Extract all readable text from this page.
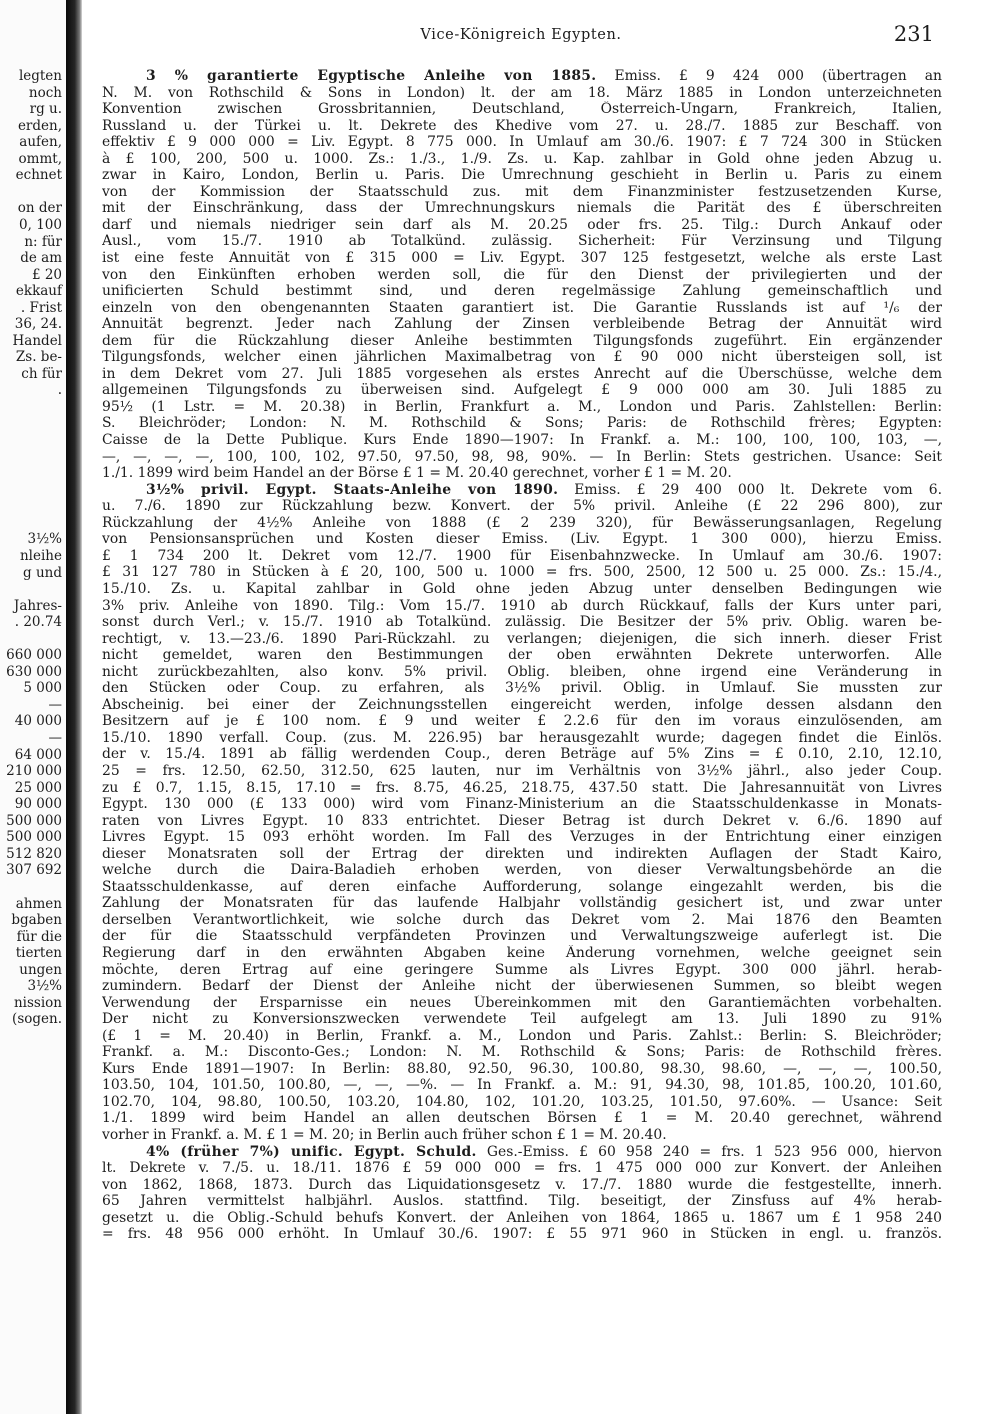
legten
noch
rg u.
erden,
aufen,
ommt,
echnet
on der
0, 100
n: für
de am
£ 20
ekkauf
. Frist
36, 24.
Handel
Zs. be-
ch für
.
3½%
nleihe
g und
Jahres-
. 20.74
660 000
630 000
5 000
—
40 000
—
64 000
210 000
25 000
90 000
500 000
500 000
512 820
307 692
ahmen
bgaben
für die
tierten
ungen
3½%
nission
(sogen.
Vice-Königreich Egypten.	231
3 % garantierte Egyptische Anleihe von 1885. Emiss. £ 9 424 000 (übertragen an
N. M. von Rothschild & Sons in London) lt. der am 18. März 1885 in London unterzeichneten
Konvention zwischen Grossbritannien, Deutschland, Österreich-Ungarn, Frankreich, Italien,
Russland u. der Türkei u. lt. Dekrete des Khedive vom 27. u. 28./7. 1885 zur Beschaff. von
effektiv £ 9 000 000 = Liv. Egypt. 8 775 000. In Umlauf am 30./6. 1907: £ 7 724 300 in Stücken
à £ 100, 200, 500 u. 1000. Zs.: 1./3., 1./9. Zs. u. Kap. zahlbar in Gold ohne jeden Abzug u.
zwar in Kairo, London, Berlin u. Paris. Die Umrechnung geschieht in Berlin u. Paris zu einem
von der Kommission der Staatsschuld zus. mit dem Finanzminister festzusetzenden Kurse,
mit der Einschränkung, dass der Umrechnungskurs niemals die Parität des £ überschreiten
darf und niemals niedriger sein darf als M. 20.25 oder frs. 25. Tilg.: Durch Ankauf oder
Ausl., vom 15./7. 1910 ab Totalkünd. zulässig. Sicherheit: Für Verzinsung und Tilgung
ist eine feste Annuität von £ 315 000 = Liv. Egypt. 307 125 festgesetzt, welche als erste Last
von den Einkünften erhoben werden soll, die für den Dienst der privilegierten und der
unificierten Schuld bestimmt sind, und deren regelmässige Zahlung gemeinschaftlich und
einzeln von den obengenannten Staaten garantiert ist. Die Garantie Russlands ist auf ¹/₆ der
Annuität begrenzt. Jeder nach Zahlung der Zinsen verbleibende Betrag der Annuität wird
dem für die Rückzahlung dieser Anleihe bestimmten Tilgungsfonds zugeführt. Ein ergänzender
Tilgungsfonds, welcher einen jährlichen Maximalbetrag von £ 90 000 nicht übersteigen soll, ist
in dem Dekret vom 27. Juli 1885 vorgesehen als erstes Anrecht auf die Überschüsse, welche dem
allgemeinen Tilgungsfonds zu überweisen sind. Aufgelegt £ 9 000 000 am 30. Juli 1885 zu
95½ (1 Lstr. = M. 20.38) in Berlin, Frankfurt a. M., London und Paris. Zahlstellen: Berlin:
S. Bleichröder; London: N. M. Rothschild & Sons; Paris: de Rothschild frères; Egypten:
Caisse de la Dette Publique. Kurs Ende 1890—1907: In Frankf. a. M.: 100, 100, 100, 103, —,
—, —, —, —, 100, 100, 102, 97.50, 97.50, 98, 98, 90%. — In Berlin: Stets gestrichen. Usance: Seit
1./1. 1899 wird beim Handel an der Börse £ 1 = M. 20.40 gerechnet, vorher £ 1 = M. 20.
3½% privil. Egypt. Staats-Anleihe von 1890. Emiss. £ 29 400 000 lt. Dekrete vom 6.
u. 7./6. 1890 zur Rückzahlung bezw. Konvert. der 5% privil. Anleihe (£ 22 296 800), zur
Rückzahlung der 4½% Anleihe von 1888 (£ 2 239 320), für Bewässerungsanlagen, Regelung
von Pensionsansprüchen und Kosten dieser Emiss. (Liv. Egypt. 1 300 000), hierzu Emiss.
£ 1 734 200 lt. Dekret vom 12./7. 1900 für Eisenbahnzwecke. In Umlauf am 30./6. 1907:
£ 31 127 780 in Stücken à £ 20, 100, 500 u. 1000 = frs. 500, 2500, 12 500 u. 25 000. Zs.: 15./4.,
15./10. Zs. u. Kapital zahlbar in Gold ohne jeden Abzug unter denselben Bedingungen wie
3% priv. Anleihe von 1890. Tilg.: Vom 15./7. 1910 ab durch Rückkauf, falls der Kurs unter pari,
sonst durch Verl.; v. 15./7. 1910 ab Totalkünd. zulässig. Die Besitzer der 5% priv. Oblig. waren be-
rechtigt, v. 13.—23./6. 1890 Pari-Rückzahl. zu verlangen; diejenigen, die sich innerh. dieser Frist
nicht gemeldet, waren den Bestimmungen der oben erwähnten Dekrete unterworfen. Alle
nicht zurückbezahlten, also konv. 5% privil. Oblig. bleiben, ohne irgend eine Veränderung in
den Stücken oder Coup. zu erfahren, als 3½% privil. Oblig. in Umlauf. Sie mussten zur
Abscheinig. bei einer der Zeichnungsstellen eingereicht werden, infolge dessen alsdann den
Besitzern auf je £ 100 nom. £ 9 und weiter £ 2.2.6 für den im voraus einzulösenden, am
15./10. 1890 verfall. Coup. (zus. M. 226.95) bar herausgezahlt wurde; dagegen findet die Einlös.
der v. 15./4. 1891 ab fällig werdenden Coup., deren Beträge auf 5% Zins = £ 0.10, 2.10, 12.10,
25 = frs. 12.50, 62.50, 312.50, 625 lauten, nur im Verhältnis von 3½% jährl., also jeder Coup.
zu £ 0.7, 1.15, 8.15, 17.10 = frs. 8.75, 46.25, 218.75, 437.50 statt. Die Jahresannuität von Livres
Egypt. 130 000 (£ 133 000) wird vom Finanz-Ministerium an die Staatsschuldenkasse in Monats-
raten von Livres Egypt. 10 833 entrichtet. Dieser Betrag ist durch Dekret v. 6./6. 1890 auf
Livres Egypt. 15 093 erhöht worden. Im Fall des Verzuges in der Entrichtung einer einzigen
dieser Monatsraten soll der Ertrag der direkten und indirekten Auflagen der Stadt Kairo,
welche durch die Daira-Baladieh erhoben werden, von dieser Verwaltungsbehörde an die
Staatsschuldenkasse, auf deren einfache Aufforderung, solange eingezahlt werden, bis die
Zahlung der Monatsraten für das laufende Halbjahr vollständig gesichert ist, und zwar unter
derselben Verantwortlichkeit, wie solche durch das Dekret vom 2. Mai 1876 den Beamten
der für die Staatsschuld verpfändeten Provinzen und Verwaltungszweige auferlegt ist. Die
Regierung darf in den erwähnten Abgaben keine Änderung vornehmen, welche geeignet sein
möchte, deren Ertrag auf eine geringere Summe als Livres Egypt. 300 000 jährl. herab-
zumindern. Bedarf der Dienst der Anleihe nicht der überwiesenen Summen, so bleibt wegen
Verwendung der Ersparnisse ein neues Übereinkommen mit den Garantiemächten vorbehalten.
Der nicht zu Konversionszwecken verwendete Teil aufgelegt am 13. Juli 1890 zu 91%
(£ 1 = M. 20.40) in Berlin, Frankf. a. M., London und Paris. Zahlst.: Berlin: S. Bleichröder;
Frankf. a. M.: Disconto-Ges.; London: N. M. Rothschild & Sons; Paris: de Rothschild frères.
Kurs Ende 1891—1907: In Berlin: 88.80, 92.50, 96.30, 100.80, 98.30, 98.60, —, —, —, 100.50,
103.50, 104, 101.50, 100.80, —, —, —%. — In Frankf. a. M.: 91, 94.30, 98, 101.85, 100.20, 101.60,
102.70, 104, 98.80, 100.50, 103.20, 104.80, 102, 101.20, 103.25, 101.50, 97.60%. — Usance: Seit
1./1. 1899 wird beim Handel an allen deutschen Börsen £ 1 = M. 20.40 gerechnet, während
vorher in Frankf. a. M. £ 1 = M. 20; in Berlin auch früher schon £ 1 = M. 20.40.
4% (früher 7%) unific. Egypt. Schuld. Ges.-Emiss. £ 60 958 240 = frs. 1 523 956 000, hiervon
lt. Dekrete v. 7./5. u. 18./11. 1876 £ 59 000 000 = frs. 1 475 000 000 zur Konvert. der Anleihen
von 1862, 1868, 1873. Durch das Liquidationsgesetz v. 17./7. 1880 wurde die festgestellte, innerh.
65 Jahren vermittelst halbjährl. Auslos. stattfind. Tilg. beseitigt, der Zinsfuss auf 4% herab-
gesetzt u. die Oblig.-Schuld behufs Konvert. der Anleihen von 1864, 1865 u. 1867 um £ 1 958 240
= frs. 48 956 000 erhöht. In Umlauf 30./6. 1907: £ 55 971 960 in Stücken in engl. u. französ.
